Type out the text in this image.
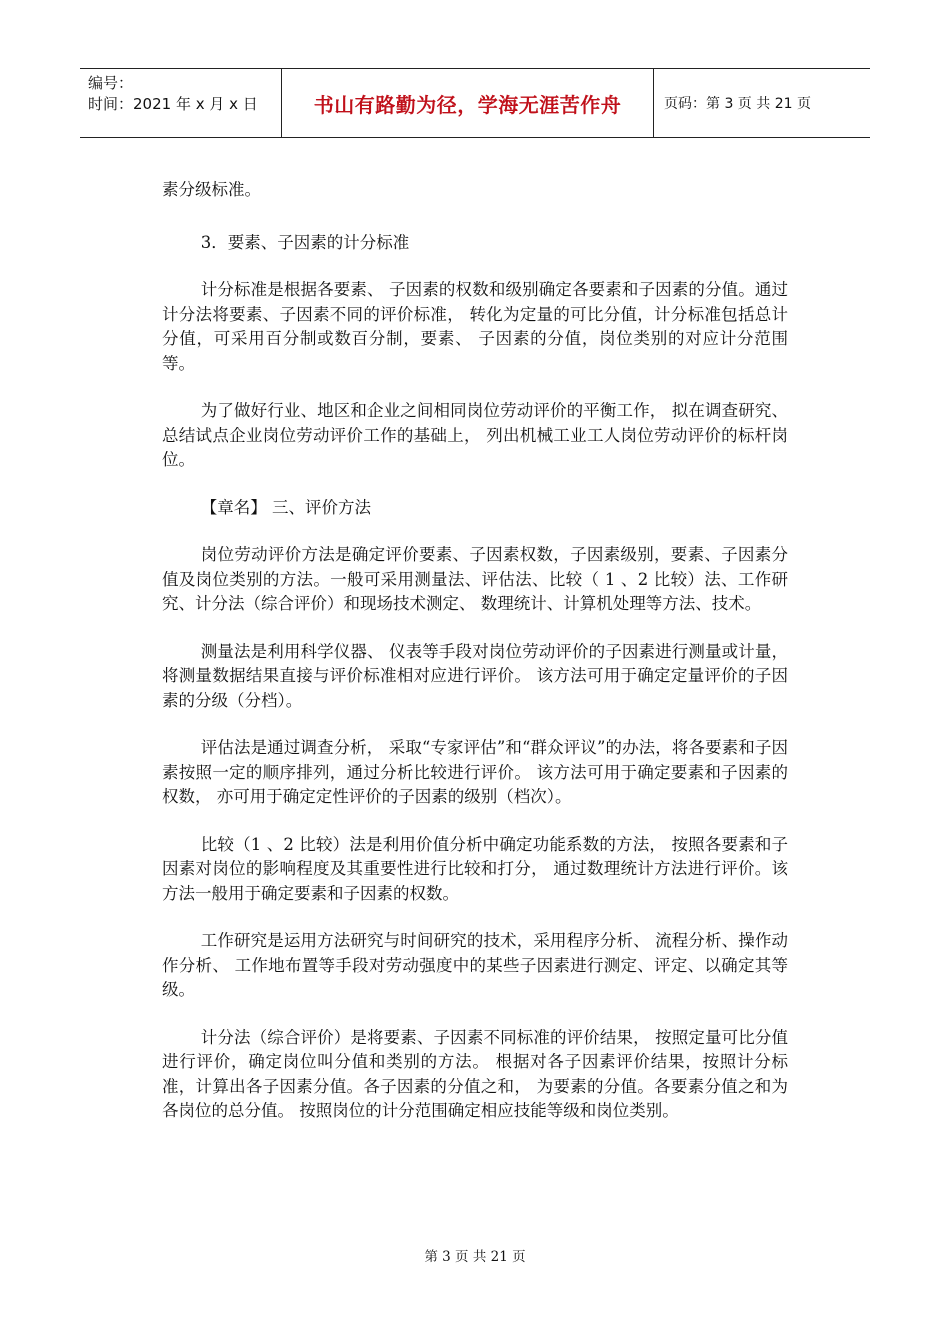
编号：
时间：2021 年 x 月 x 日	书山有路勤为径，学海无涯苦作舟	页码：第 3 页 共 21 页

素分级标准。

3．要素、子因素的计分标准

计分标准是根据各要素、 子因素的权数和级别确定各要素和子因素的分值。通过计分法将要素、子因素不同的评价标准， 转化为定量的可比分值，计分标准包括总计分值，可采用百分制或数百分制，要素、 子因素的分值，岗位类别的对应计分范围等。

为了做好行业、地区和企业之间相同岗位劳动评价的平衡工作， 拟在调查研究、总结试点企业岗位劳动评价工作的基础上， 列出机械工业工人岗位劳动评价的标杆岗位。

【章名】 三、评价方法

岗位劳动评价方法是确定评价要素、子因素权数，子因素级别，要素、子因素分值及岗位类别的方法。一般可采用测量法、评估法、比较（ 1 、2 比较）法、工作研究、计分法（综合评价）和现场技术测定、 数理统计、计算机处理等方法、技术。

测量法是利用科学仪器、 仪表等手段对岗位劳动评价的子因素进行测量或计量，将测量数据结果直接与评价标准相对应进行评价。 该方法可用于确定定量评价的子因素的分级（分档）。

评估法是通过调查分析， 采取“专家评估”和“群众评议”的办法，将各要素和子因素按照一定的顺序排列，通过分析比较进行评价。 该方法可用于确定要素和子因素的权数， 亦可用于确定定性评价的子因素的级别（档次）。

比较（1 、2 比较）法是利用价值分析中确定功能系数的方法， 按照各要素和子因素对岗位的影响程度及其重要性进行比较和打分， 通过数理统计方法进行评价。该方法一般用于确定要素和子因素的权数。

工作研究是运用方法研究与时间研究的技术，采用程序分析、 流程分析、操作动作分析、 工作地布置等手段对劳动强度中的某些子因素进行测定、评定、以确定其等级。

计分法（综合评价）是将要素、子因素不同标准的评价结果， 按照定量可比分值进行评价，确定岗位叫分值和类别的方法。 根据对各子因素评价结果，按照计分标准，计算出各子因素分值。各子因素的分值之和， 为要素的分值。各要素分值之和为各岗位的总分值。 按照岗位的计分范围确定相应技能等级和岗位类别。

第 3 页 共 21 页
